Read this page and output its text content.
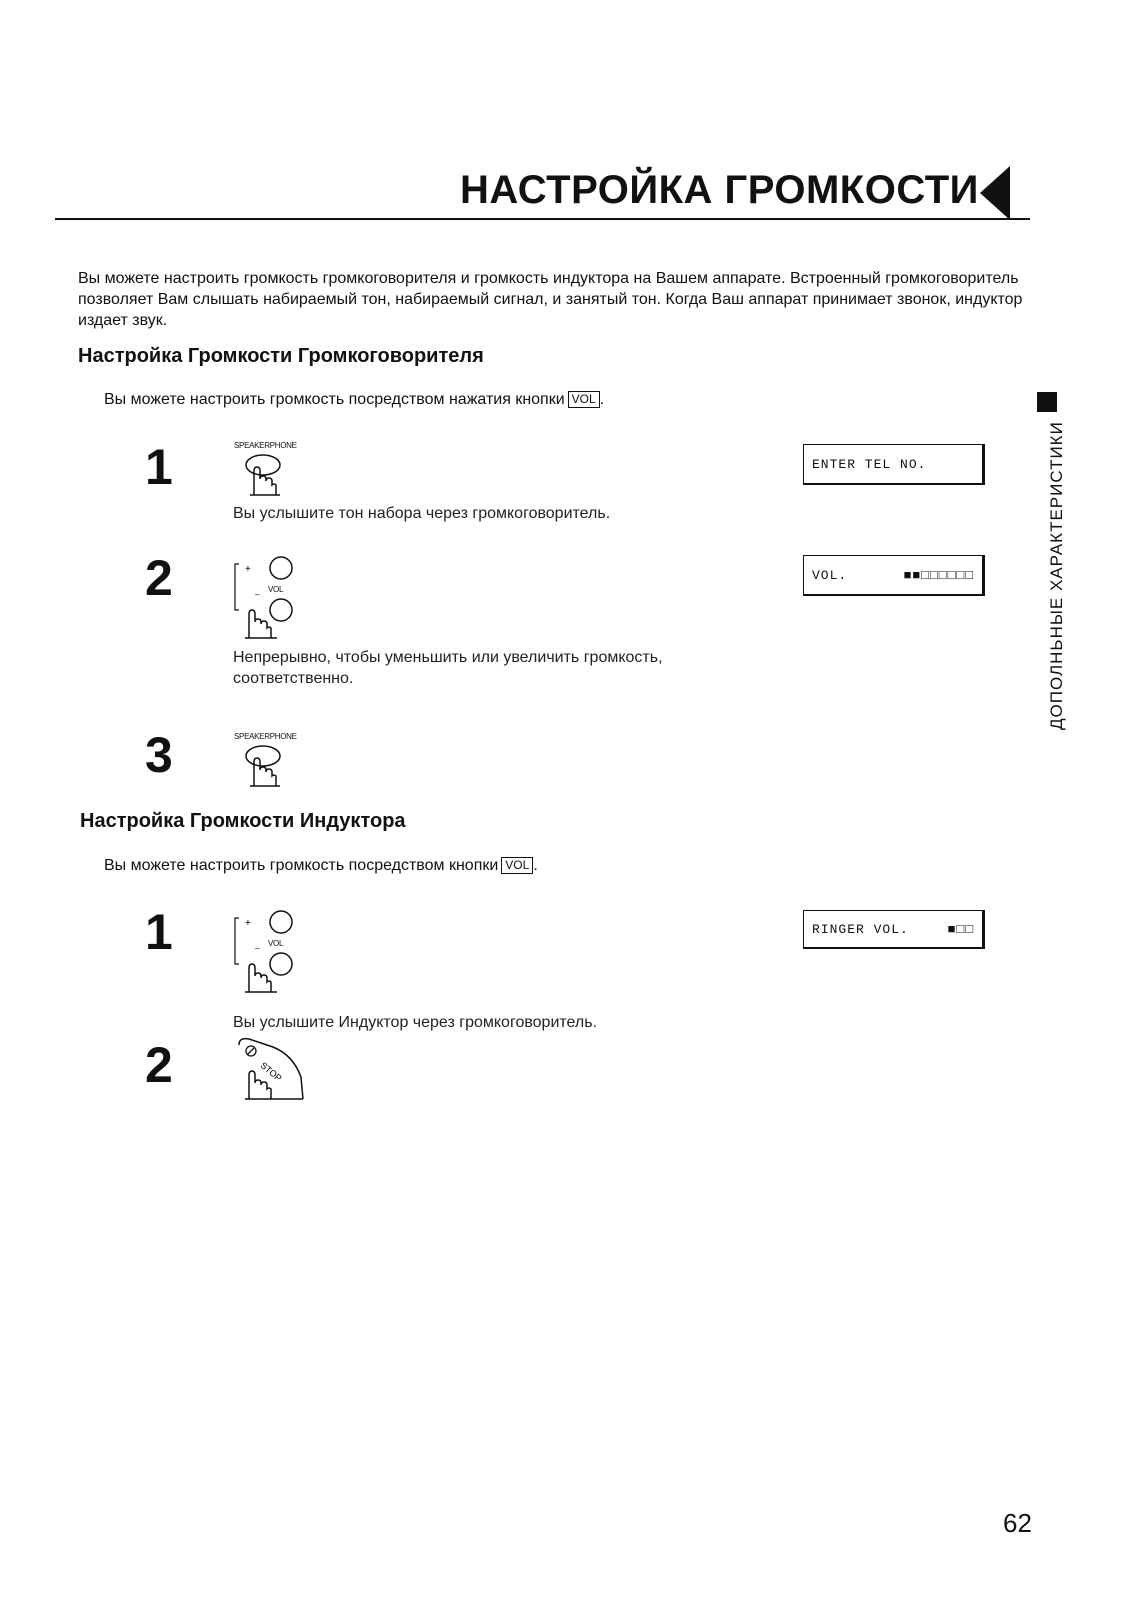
НАСТРОЙКА ГРОМКОСТИ
Вы можете настроить громкость громкоговорителя и громкость индуктора на Вашем аппарате. Встроенный громкоговоритель позволяет Вам слышать набираемый тон, набираемый сигнал, и занятый тон. Когда Ваш аппарат принимает звонок, индуктор издает звук.
ДОПОЛНЬНЫЕ ХАРАКТЕРИСТИКИ
Настройка Громкости Громкоговорителя
Вы можете настроить громкость посредством нажатия кнопки VOL .
1	SPEAKERPHONE
Вы услышите тон набора через громкоговоритель.
ENTER TEL NO.
2	+
–
VOL
Непрерывно, чтобы уменьшить или увеличить громкость, соответственно.
VOL.	■■□□□□□□
3	SPEAKERPHONE
Настройка Громкости Индуктора
Вы можете настроить громкость посредством кнопки VOL .
1	+
–
VOL
Вы услышите Индуктор через громкоговоритель.
RINGER VOL.	■□□
2	STOP
62
